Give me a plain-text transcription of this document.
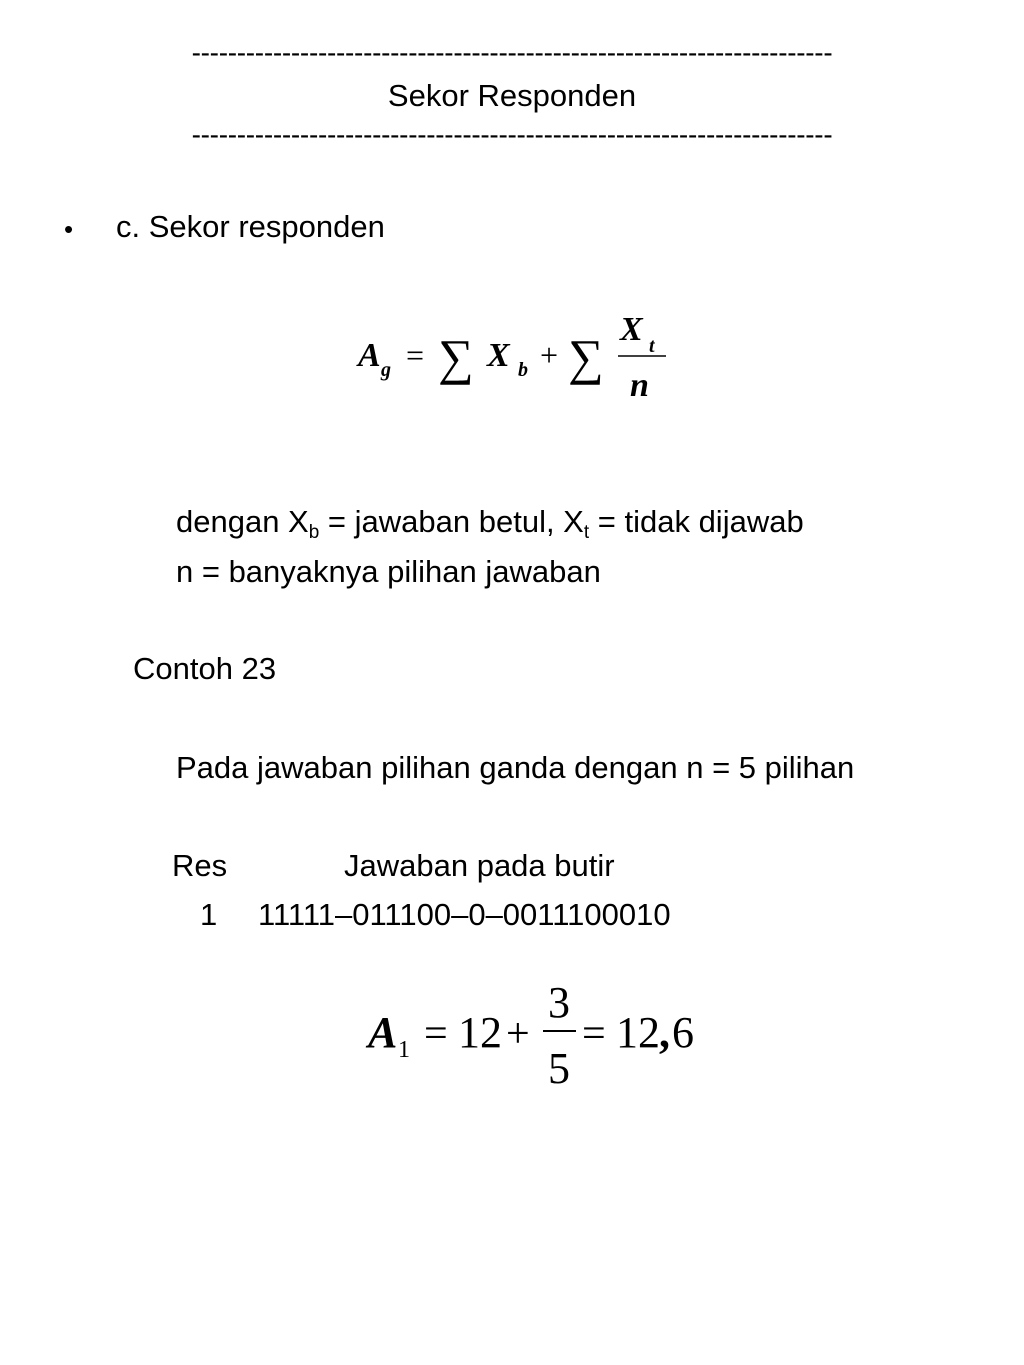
-----------------------------------------------------------------------
Sekor Responden
-----------------------------------------------------------------------
• c. Sekor responden
A g = ∑ X b + ∑ X t
n
dengan $X_b$ = jawaban betul, $X_t$ = tidak dijawab
n = banyaknya pilihan jawaban
Contoh 23
Pada jawaban pilihan ganda dengan n = 5 pilihan
Res	Jawaban pada butir
1 11111–011100–0–0011100010
A 1 = 12 +
3
5
= 12 , 6
